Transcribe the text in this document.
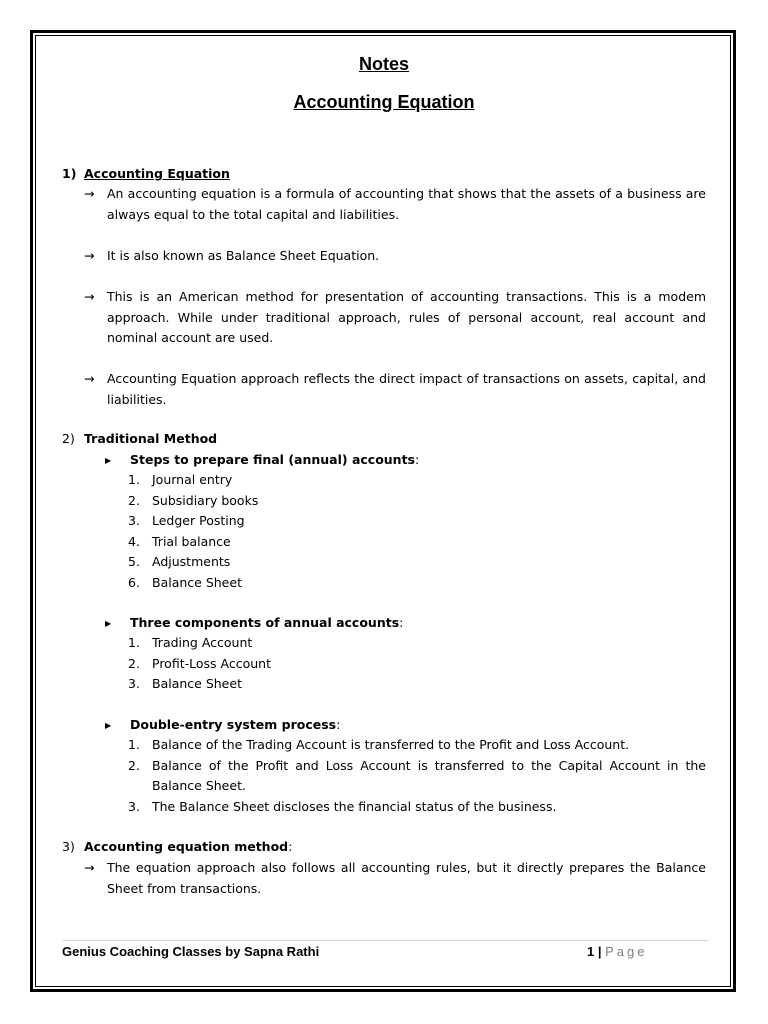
Notes
Accounting Equation
1) Accounting Equation
→ An accounting equation is a formula of accounting that shows that the assets of a business are always equal to the total capital and liabilities.
→ It is also known as Balance Sheet Equation.
→ This is an American method for presentation of accounting transactions. This is a modem approach. While under traditional approach, rules of personal account, real account and nominal account are used.
→ Accounting Equation approach reflects the direct impact of transactions on assets, capital, and liabilities.
2) Traditional Method
▶ Steps to prepare final (annual) accounts:
1. Journal entry
2. Subsidiary books
3. Ledger Posting
4. Trial balance
5. Adjustments
6. Balance Sheet
▶ Three components of annual accounts:
1. Trading Account
2. Profit-Loss Account
3. Balance Sheet
▶ Double-entry system process:
1. Balance of the Trading Account is transferred to the Profit and Loss Account.
2. Balance of the Profit and Loss Account is transferred to the Capital Account in the Balance Sheet.
3. The Balance Sheet discloses the financial status of the business.
3) Accounting equation method:
→ The equation approach also follows all accounting rules, but it directly prepares the Balance Sheet from transactions.
Genius Coaching Classes by Sapna Rathi	1 | Page
